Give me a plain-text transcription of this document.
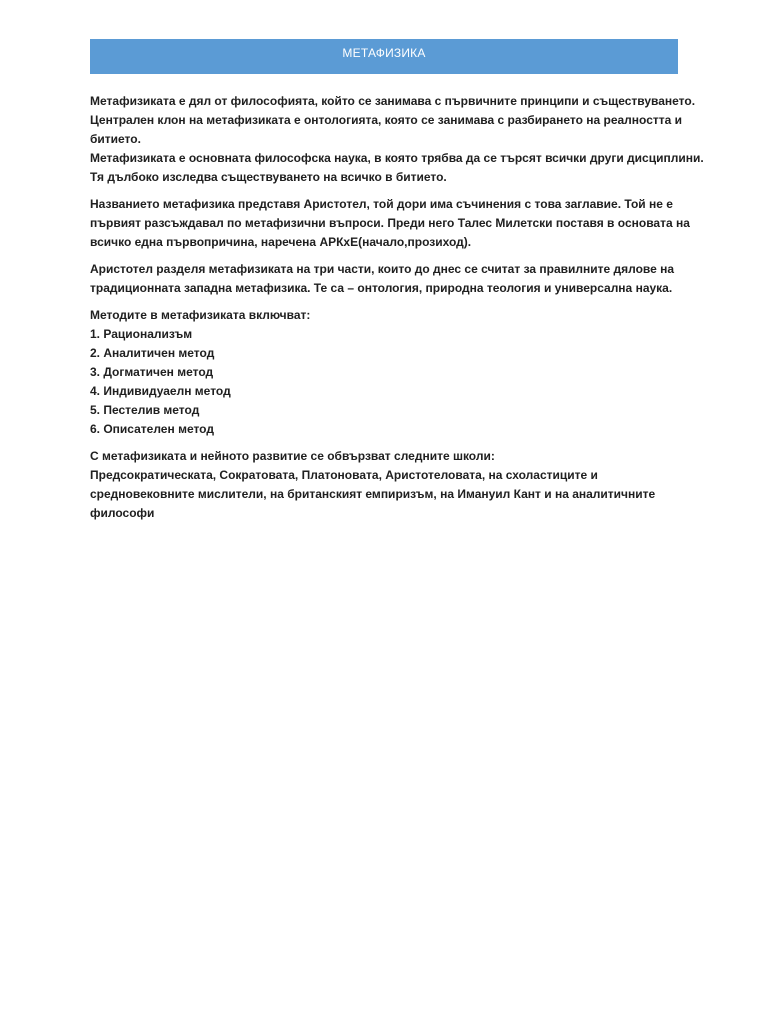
МЕТАФИЗИКА

Метафизиката е дял от философията, който се занимава с първичните принципи и съществуването.
Централен клон на метафизиката е онтологията, която се занимава с разбирането на реалността и
битието.
Метафизиката е основната философска наука, в която трябва да се търсят всички други дисциплини.
Тя дълбоко изследва съществуването на всичко в битието.

Названието метафизика представя Аристотел, той дори има съчинения с това заглавие. Той не е
първият разсъждавал по метафизични въпроси. Преди него Талес Милетски поставя в основата на
всичко една първопричина, наречена АРКхЕ(начало,прозиход).

Аристотел разделя метафизиката на три части, които до днес се считат за правилните дялове на
традиционната западна метафизика. Те са – онтология, природна теология и универсална наука.

Методите в метафизиката включват:
1. Рационализъм
2. Аналитичен метод
3. Догматичен метод
4. Индивидуаелн метод
5. Пестелив метод
6. Описателен метод

С метафизиката и нейното развитие се обвързват следните школи:
Предсократическата, Сократовата, Платоновата, Аристотеловата, на схоластиците и
средновековните мислители, на британският емпиризъм, на Имануил Кант и на аналитичните
философи
